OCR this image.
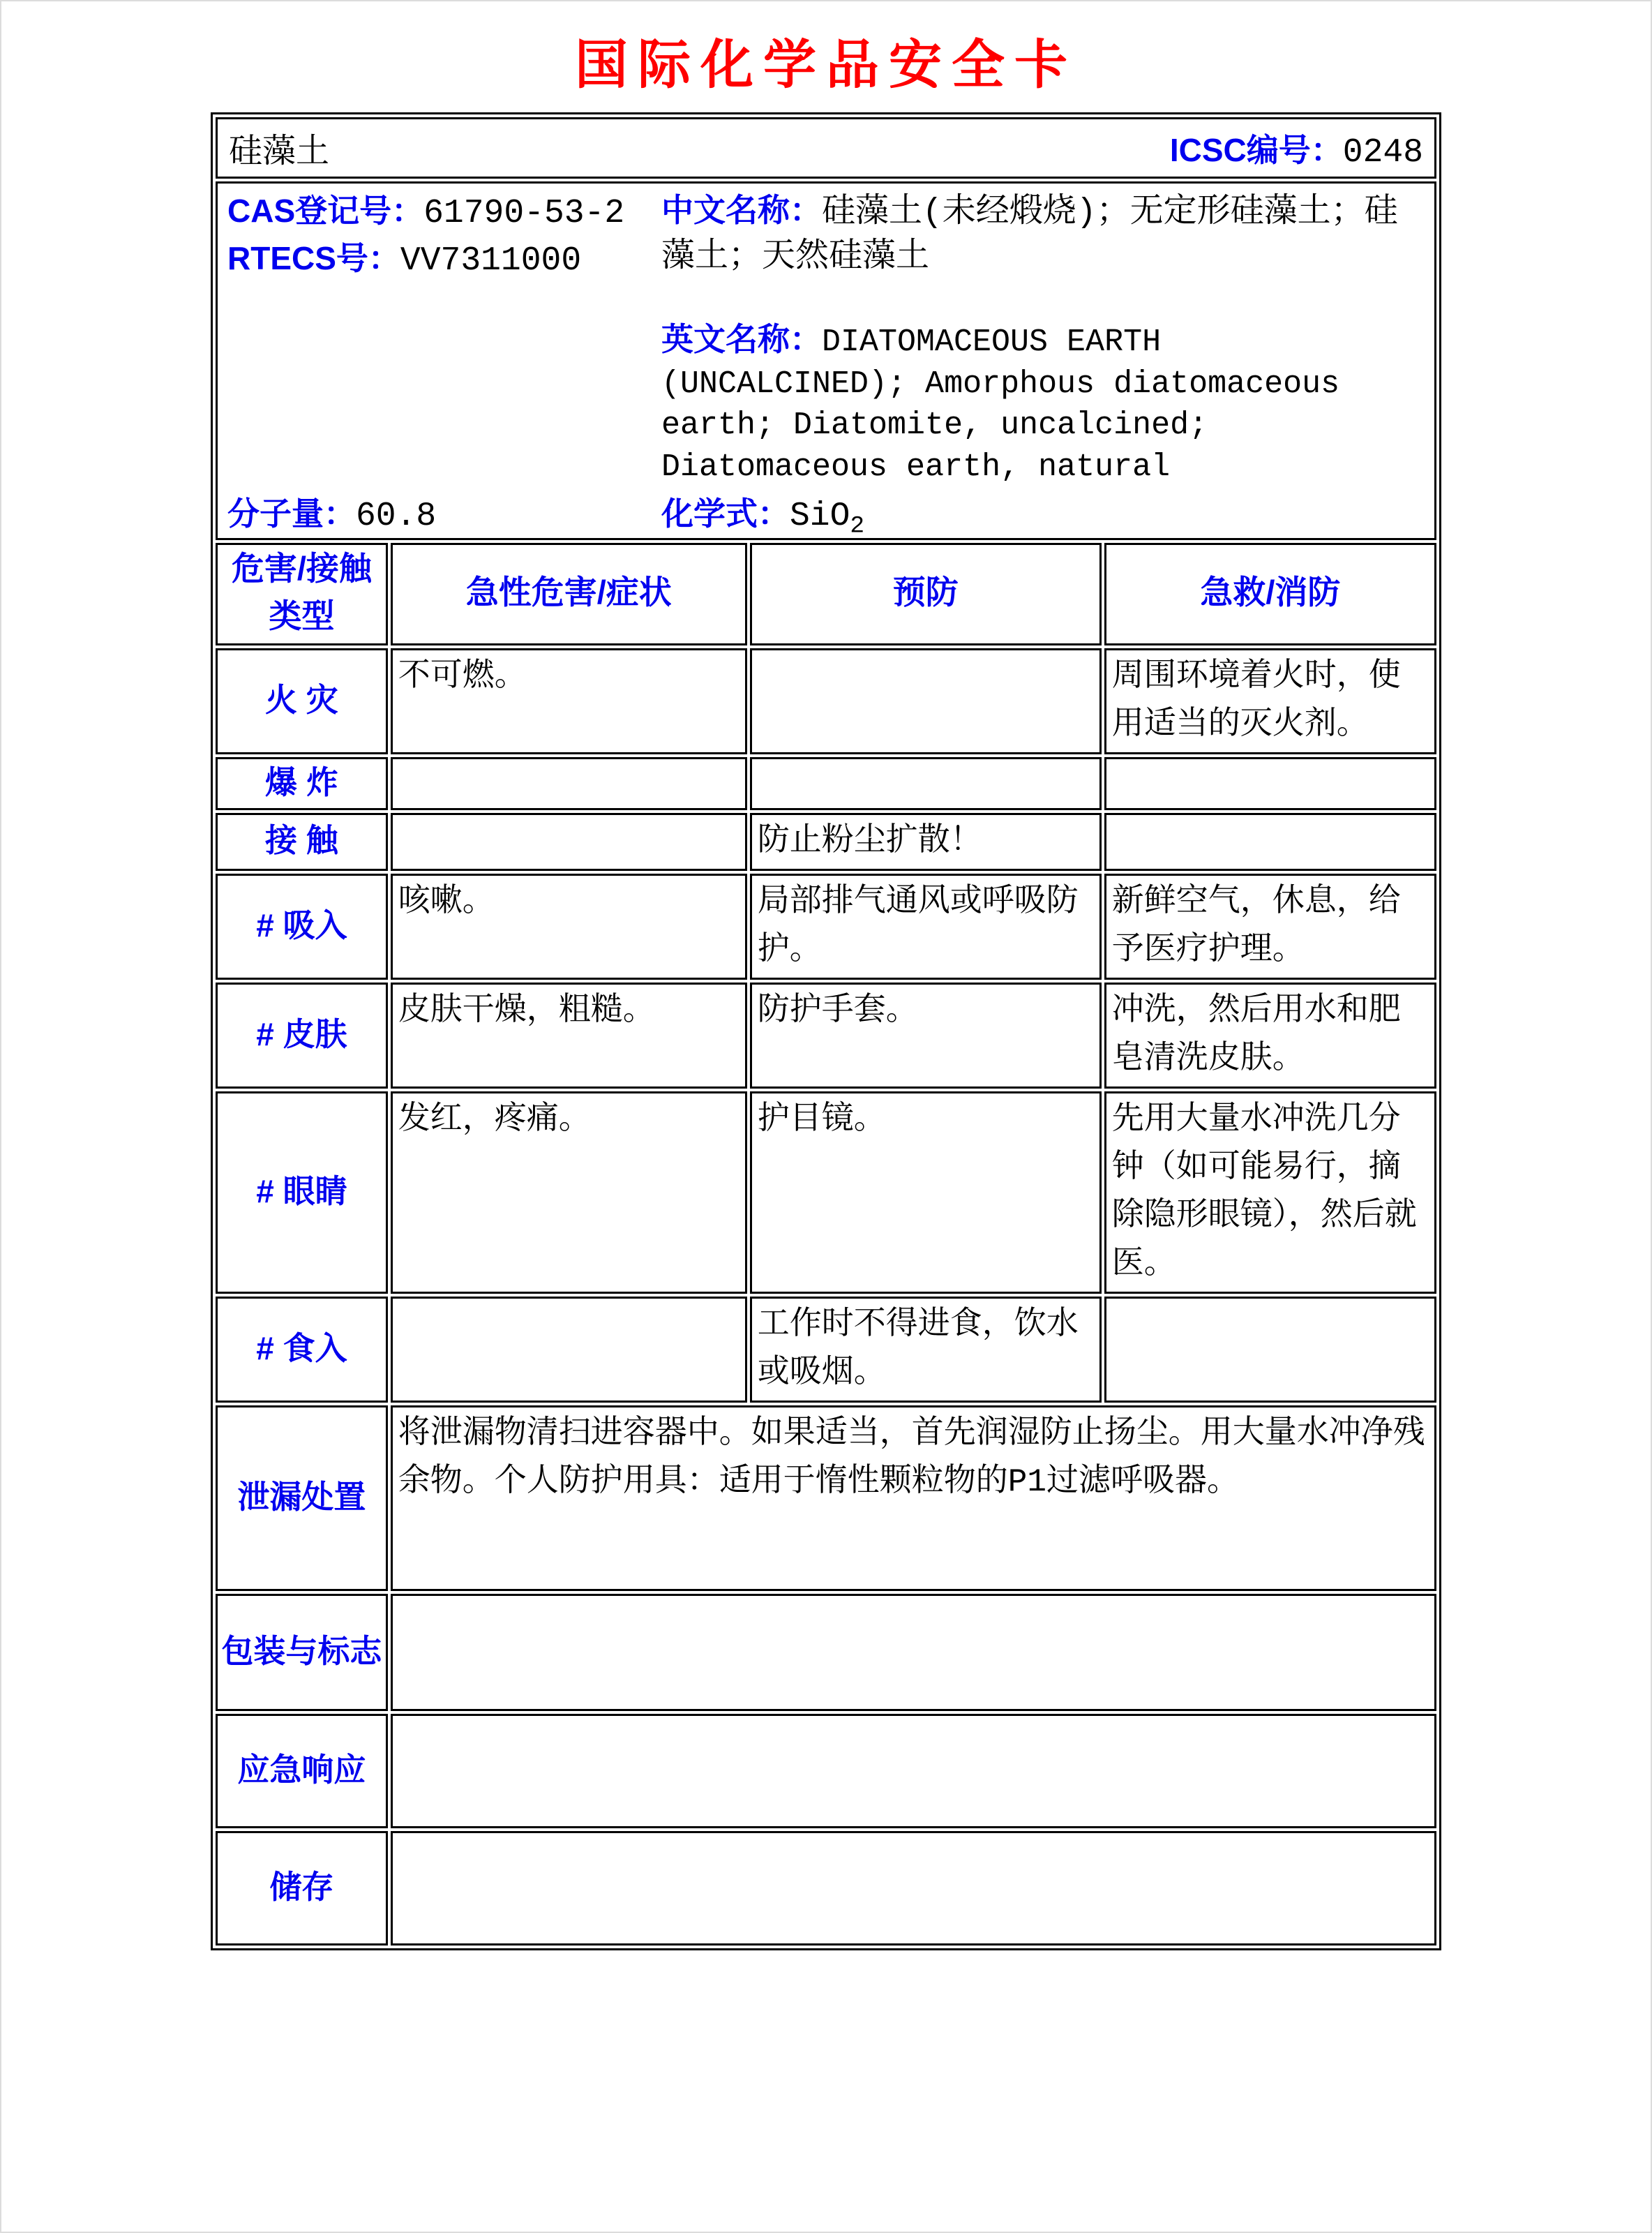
国际化学品安全卡
硅藻土 ICSC编号：0248			

CAS登记号：61790-53-2
RTECS号：VV7311000

中文名称：硅藻土(未经煅烧)；无定形硅藻土；硅藻土；天然硅藻土

英文名称：DIATOMACEOUS EARTH (UNCALCINED); Amorphous diatomaceous earth; Diatomite, uncalcined; Diatomaceous earth, natural

分子量：60.8	化学式：SiO$_2$

危害/接触类型	急性危害/症状	预防	急救/消防
火 灾	不可燃。		周围环境着火时，使用适当的灭火剂。
爆 炸			
接 触		防止粉尘扩散！	
# 吸入	咳嗽。	局部排气通风或呼吸防护。	新鲜空气，休息，给予医疗护理。
# 皮肤	皮肤干燥，粗糙。	防护手套。	冲洗，然后用水和肥皂清洗皮肤。
# 眼睛	发红，疼痛。	护目镜。	先用大量水冲洗几分钟（如可能易行，摘除隐形眼镜），然后就医。
# 食入		工作时不得进食，饮水或吸烟。	
泄漏处置	将泄漏物清扫进容器中。如果适当，首先润湿防止扬尘。用大量水冲净残余物。个人防护用具：适用于惰性颗粒物的P1过滤呼吸器。		
包装与标志			
应急响应			
储存			
